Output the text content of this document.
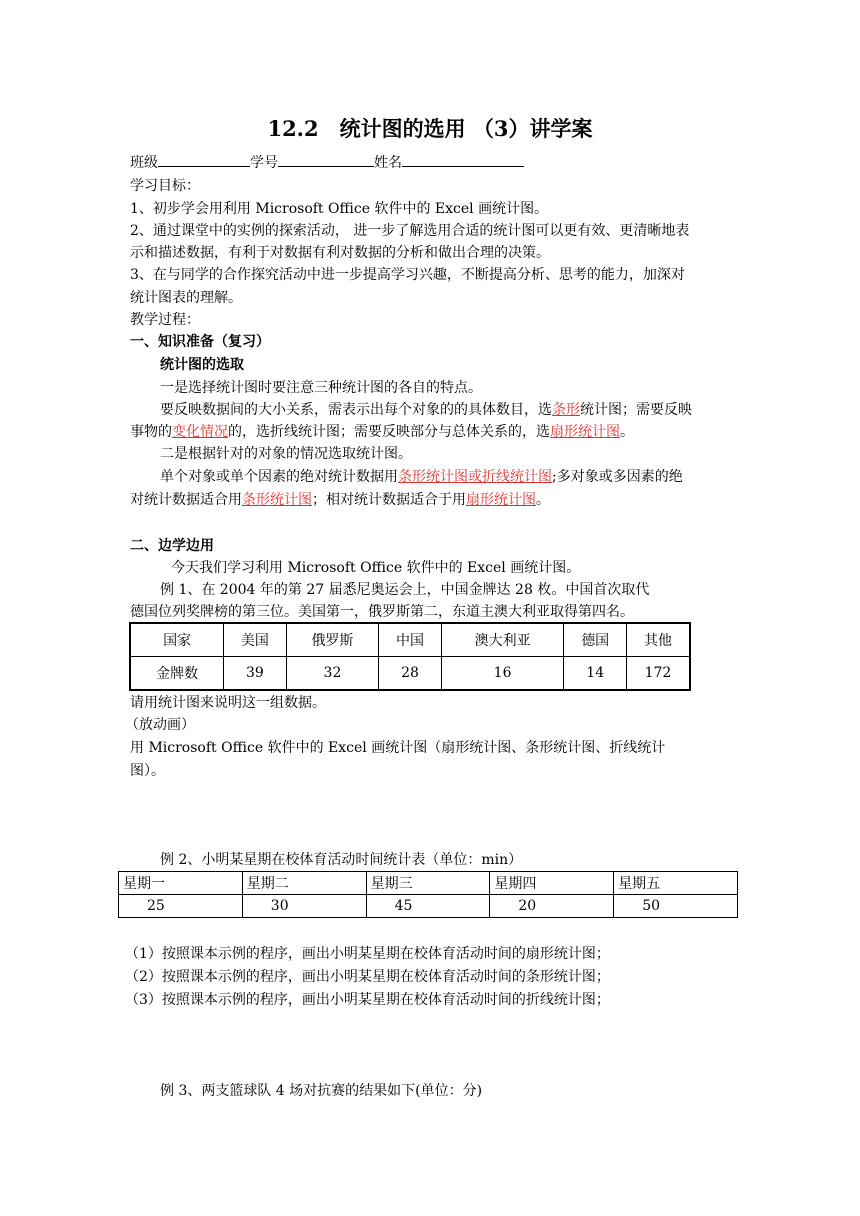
12.2　统计图的选用 （3）讲学案
班级	学号	姓名
学习目标：
1、初步学会用利用 Microsoft Office 软件中的 Excel 画统计图。
2、通过课堂中的实例的探索活动， 进一步了解选用合适的统计图可以更有效、更清晰地表
示和描述数据，有利于对数据有利对数据的分析和做出合理的决策。
3、在与同学的合作探究活动中进一步提高学习兴趣，不断提高分析、思考的能力，加深对
统计图表的理解。
教学过程：
一、知识准备（复习）
统计图的选取
一是选择统计图时要注意三种统计图的各自的特点。
要反映数据间的大小关系，需表示出每个对象的的具体数目，选条形统计图；需要反映
事物的变化情况的，选折线统计图；需要反映部分与总体关系的，选扇形统计图。
二是根据针对的对象的情况选取统计图。
单个对象或单个因素的绝对统计数据用条形统计图或折线统计图;多对象或多因素的绝
对统计数据适合用条形统计图；相对统计数据适合于用扇形统计图。
二、边学边用
今天我们学习利用 Microsoft Office 软件中的 Excel 画统计图。
例 1、在 2004 年的第 27 届悉尼奥运会上，中国金牌达 28 枚。中国首次取代
德国位列奖牌榜的第三位。美国第一，俄罗斯第二，东道主澳大利亚取得第四名。
国家	美国	俄罗斯	中国	澳大利亚	德国	其他
金牌数	39	32	28	16	14	172
请用统计图来说明这一组数据。
（放动画）
用 Microsoft Office 软件中的 Excel 画统计图（扇形统计图、条形统计图、折线统计
图）。
例 2、小明某星期在校体育活动时间统计表（单位：min）
星期一	星期二	星期三	星期四	星期五
25	30	45	20	50
（1）按照课本示例的程序，画出小明某星期在校体育活动时间的扇形统计图；
（2）按照课本示例的程序，画出小明某星期在校体育活动时间的条形统计图；
（3）按照课本示例的程序，画出小明某星期在校体育活动时间的折线统计图；
例 3、两支篮球队 4 场对抗赛的结果如下(单位：分)
